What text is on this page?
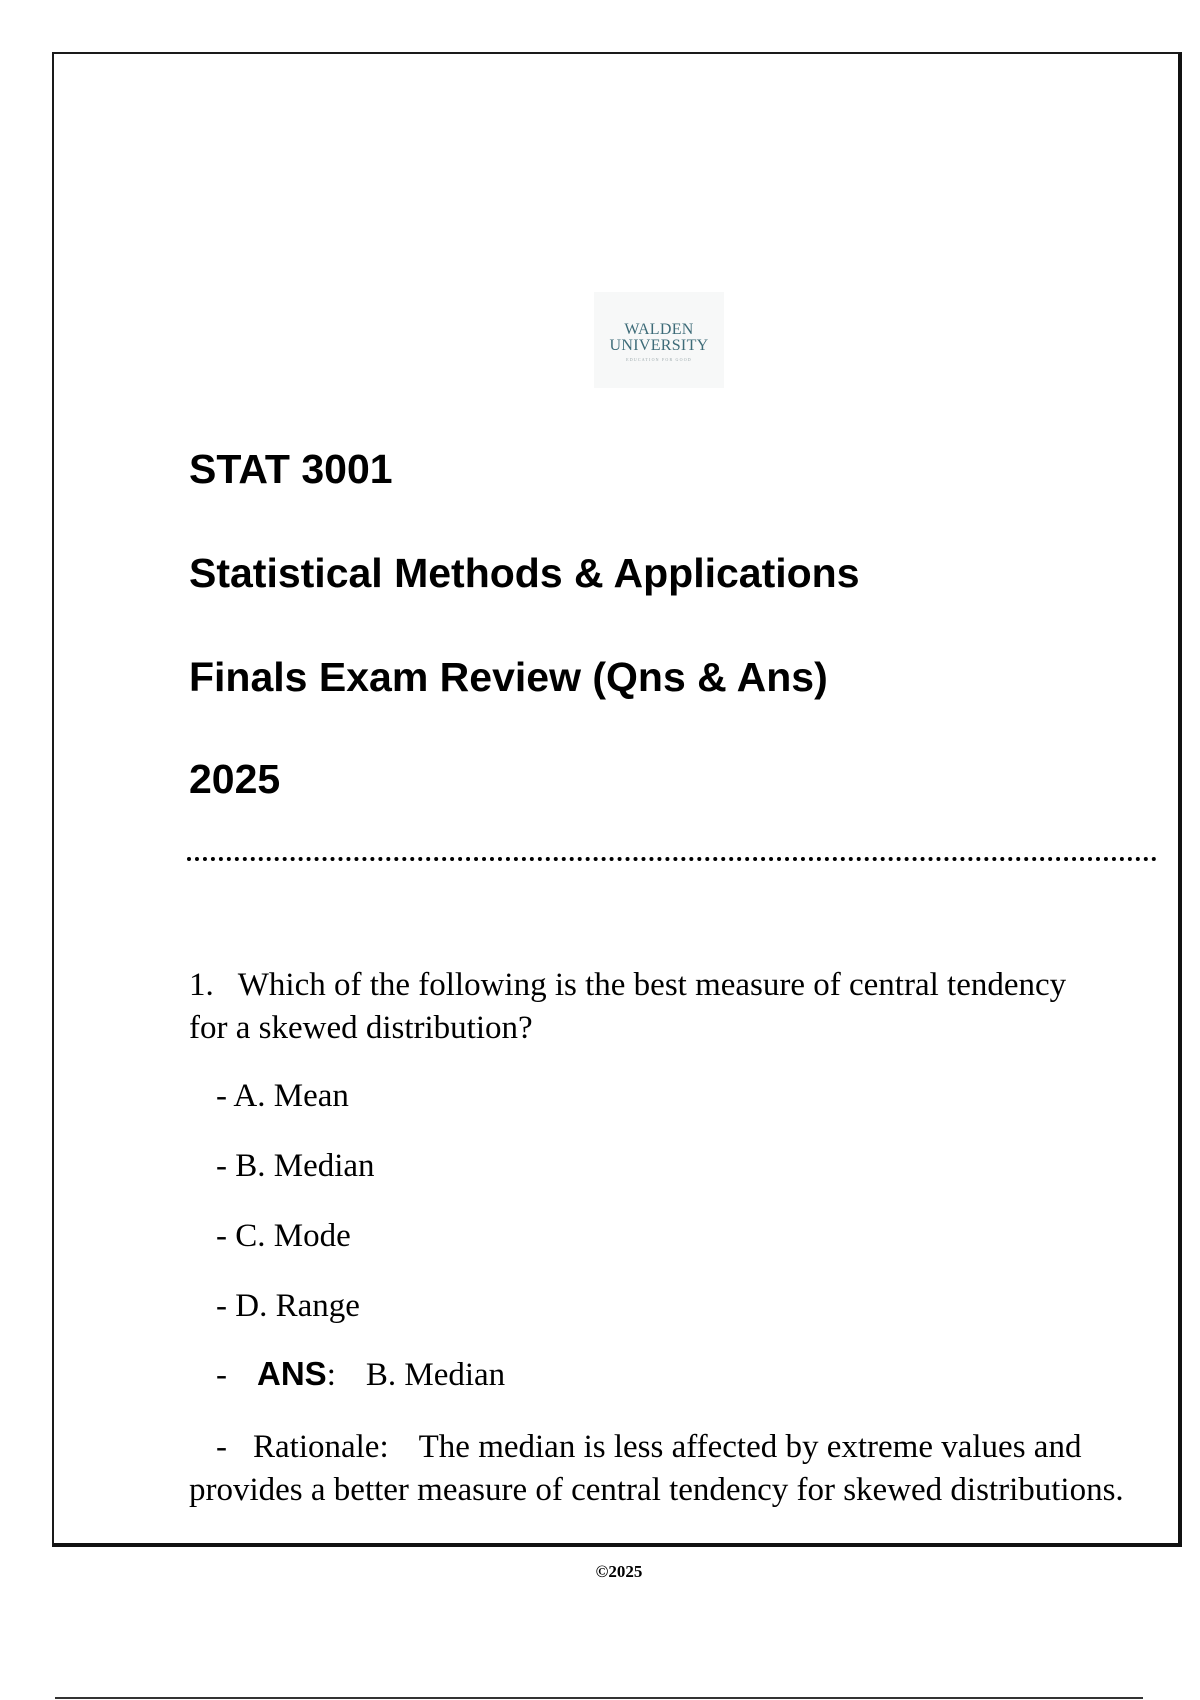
WALDEN
UNIVERSITY
EDUCATION FOR GOOD
STAT 3001
Statistical Methods & Applications
Finals Exam Review (Qns & Ans)
2025

1. Which of the following is the best measure of central tendency for a skewed distribution?

- A. Mean
- B. Median
- C. Mode
- D. Range
- ANS: B. Median

- Rationale: The median is less affected by extreme values and provides a better measure of central tendency for skewed distributions.

©2025
